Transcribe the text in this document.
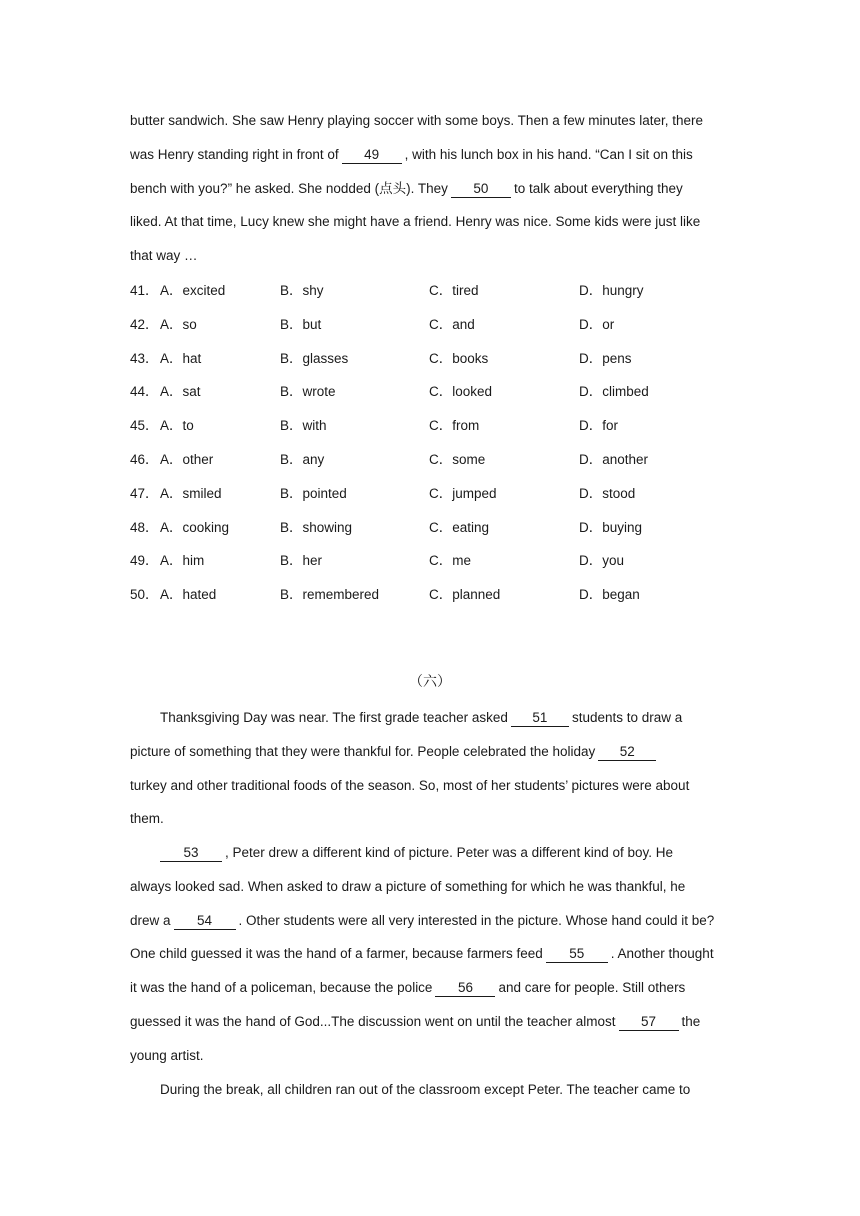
butter sandwich. She saw Henry playing soccer with some boys. Then a few minutes later, there
was Henry standing right in front of 49 , with his lunch box in his hand. “Can I sit on this
bench with you?” he asked. She nodded (点头). They 50 to talk about everything they
liked. At that time, Lucy knew she might have a friend. Henry was nice. Some kids were just like
that way …
41． A．excited	B．shy	C．tired	D．hungry
42． A．so	B．but	C．and	D．or
43． A．hat	B．glasses	C．books	D．pens
44． A．sat	B．wrote	C．looked	D．climbed
45． A．to	B．with	C．from	D．for
46． A．other	B．any	C．some	D．another
47． A．smiled	B．pointed	C．jumped	D．stood
48． A．cooking	B．showing	C．eating	D．buying
49． A．him	B．her	C．me	D．you
50． A．hated	B．remembered	C．planned	D．began
（六）
Thanksgiving Day was near. The first grade teacher asked 51 students to draw a
picture of something that they were thankful for. People celebrated the holiday 52
turkey and other traditional foods of the season. So, most of her students’ pictures were about
them.
53 , Peter drew a different kind of picture. Peter was a different kind of boy. He
always looked sad. When asked to draw a picture of something for which he was thankful, he
drew a 54 . Other students were all very interested in the picture. Whose hand could it be?
One child guessed it was the hand of a farmer, because farmers feed 55 . Another thought
it was the hand of a policeman, because the police 56 and care for people. Still others
guessed it was the hand of God...The discussion went on until the teacher almost 57 the
young artist.
During the break, all children ran out of the classroom except Peter. The teacher came to
